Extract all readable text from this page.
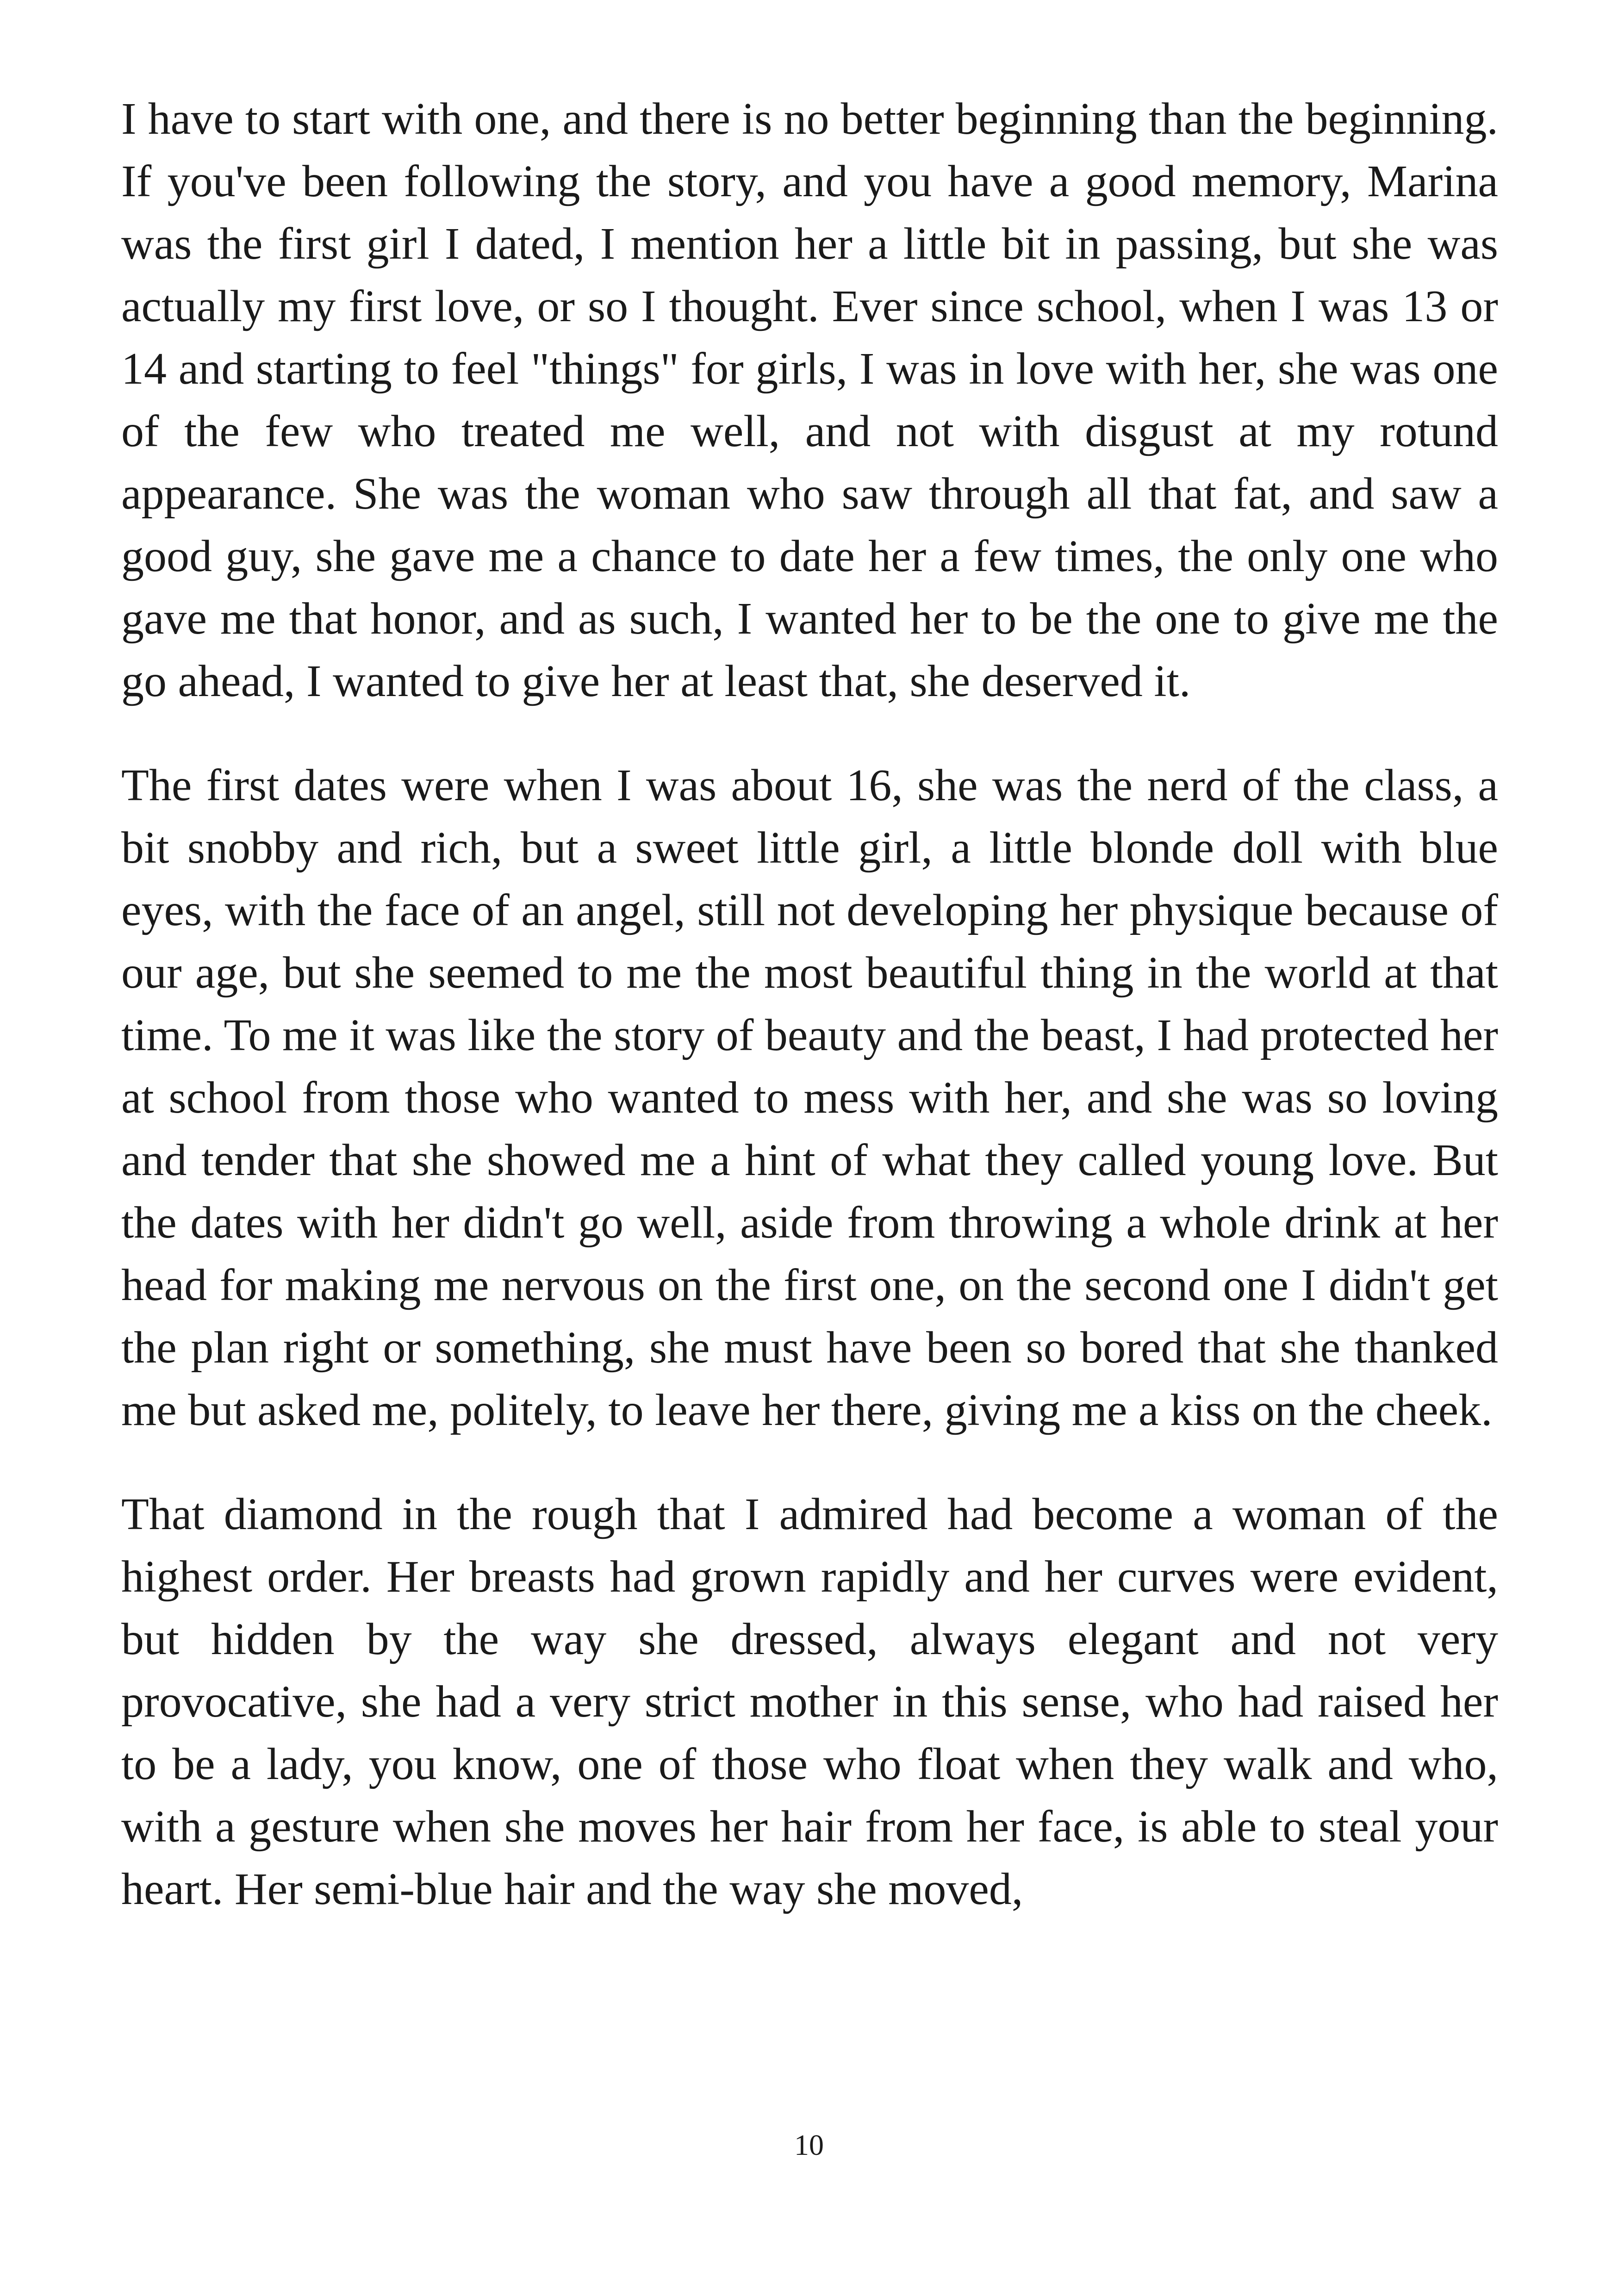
I have to start with one, and there is no better beginning than the beginning. If you've been following the story, and you have a good memory, Marina was the first girl I dated, I mention her a little bit in passing, but she was actually my first love, or so I thought. Ever since school, when I was 13 or 14 and starting to feel "things" for girls, I was in love with her, she was one of the few who treated me well, and not with disgust at my rotund appearance. She was the woman who saw through all that fat, and saw a good guy, she gave me a chance to date her a few times, the only one who gave me that honor, and as such, I wanted her to be the one to give me the go ahead, I wanted to give her at least that, she deserved it.

The first dates were when I was about 16, she was the nerd of the class, a bit snobby and rich, but a sweet little girl, a little blonde doll with blue eyes, with the face of an angel, still not developing her physique because of our age, but she seemed to me the most beautiful thing in the world at that time. To me it was like the story of beauty and the beast, I had protected her at school from those who wanted to mess with her, and she was so loving and tender that she showed me a hint of what they called young love. But the dates with her didn't go well, aside from throwing a whole drink at her head for making me nervous on the first one, on the second one I didn't get the plan right or something, she must have been so bored that she thanked me but asked me, politely, to leave her there, giving me a kiss on the cheek.

That diamond in the rough that I admired had become a woman of the highest order. Her breasts had grown rapidly and her curves were evident, but hidden by the way she dressed, always elegant and not very provocative, she had a very strict mother in this sense, who had raised her to be a lady, you know, one of those who float when they walk and who, with a gesture when she moves her hair from her face, is able to steal your heart. Her semi-blue hair and the way she moved,

10
